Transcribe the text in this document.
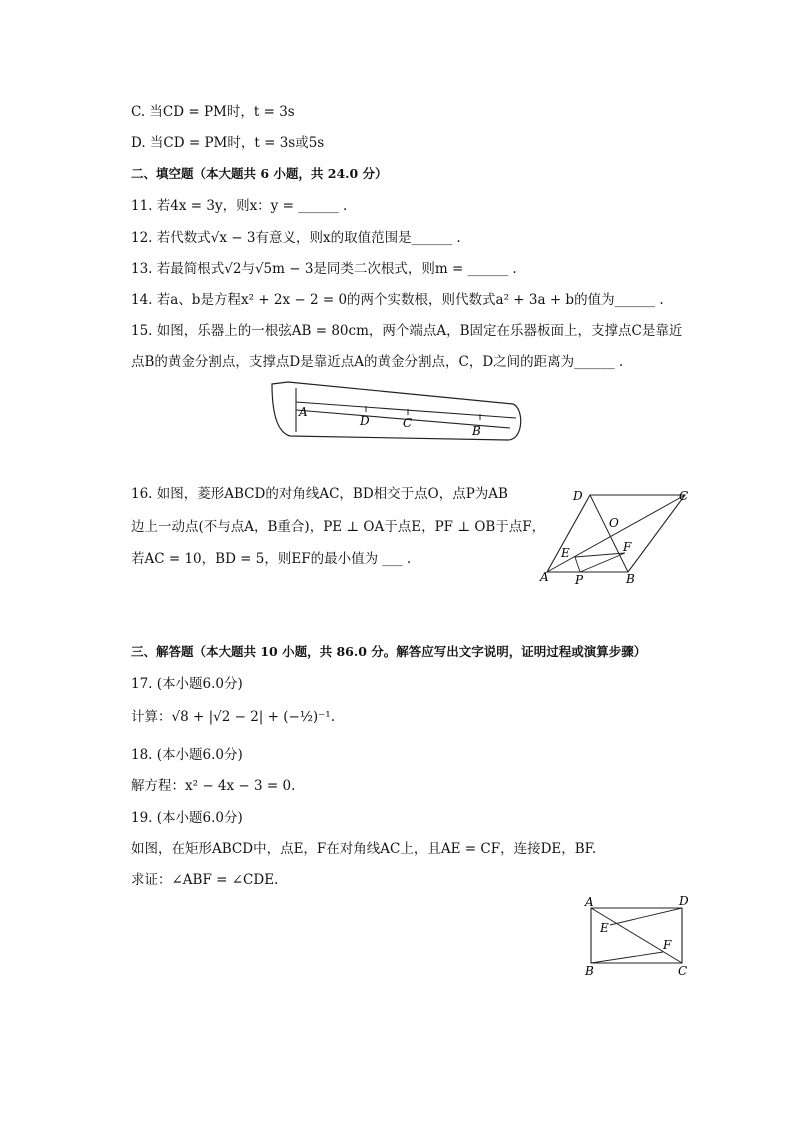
C. 当CD = PM时，t = 3s
D. 当CD = PM时，t = 3s或5s
二、填空题（本大题共 6 小题，共 24.0 分）
11. 若4x = 3y，则x：y = ______ .
12. 若代数式√x − 3有意义，则x的取值范围是______ .
13. 若最简根式√2与√5m − 3是同类二次根式，则m = ______ .
14. 若a、b是方程x² + 2x − 2 = 0的两个实数根，则代数式a² + 3a + b的值为______ .
15. 如图，乐器上的一根弦AB = 80cm，两个端点A，B固定在乐器板面上，支撑点C是靠近
点B的黄金分割点，支撑点D是靠近点A的黄金分割点，C，D之间的距离为______ .
A
D	C
B
16. 如图，菱形ABCD的对角线AC，BD相交于点O，点P为AB
边上一动点(不与点A，B重合)，PE ⊥ OA于点E，PF ⊥ OB于点F，
若AC = 10，BD = 5，则EF的最小值为 ___ .
A	B
C
D
O
P
E	F
三、解答题（本大题共 10 小题，共 86.0 分。解答应写出文字说明，证明过程或演算步骤）
17. (本小题6.0分)
计算：√8 + |√2 − 2| + (−½)⁻¹.
18. (本小题6.0分)
解方程：x² − 4x − 3 = 0.
19. (本小题6.0分)
如图，在矩形ABCD中，点E，F在对角线AC上，且AE = CF，连接DE，BF.
求证：∠ABF = ∠CDE.
A
B	C
D
E
F
